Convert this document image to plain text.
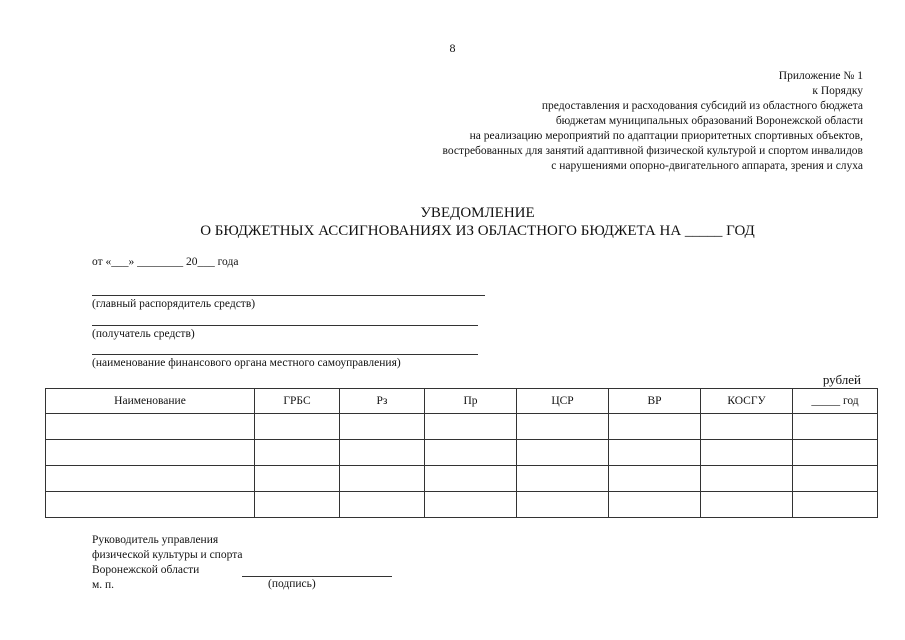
8
Приложение № 1
к Порядку
предоставления и расходования субсидий из областного бюджета
бюджетам муниципальных образований Воронежской области
на реализацию мероприятий по адаптации приоритетных спортивных объектов,
востребованных для занятий адаптивной физической культурой и спортом инвалидов
с нарушениями опорно-двигательного аппарата, зрения и слуха
УВЕДОМЛЕНИЕ
О БЮДЖЕТНЫХ АССИГНОВАНИЯХ ИЗ ОБЛАСТНОГО БЮДЖЕТА НА _____ ГОД
от «___» ________ 20___ года
(главный распорядитель средств)
(получатель средств)
(наименование финансового органа местного самоуправления)
рублей
Наименование	ГРБС	Рз	Пр	ЦСР	ВР	КОСГУ	_____ год

Руководитель управления
физической культуры и спорта
Воронежской области
м. п.	(подпись)
